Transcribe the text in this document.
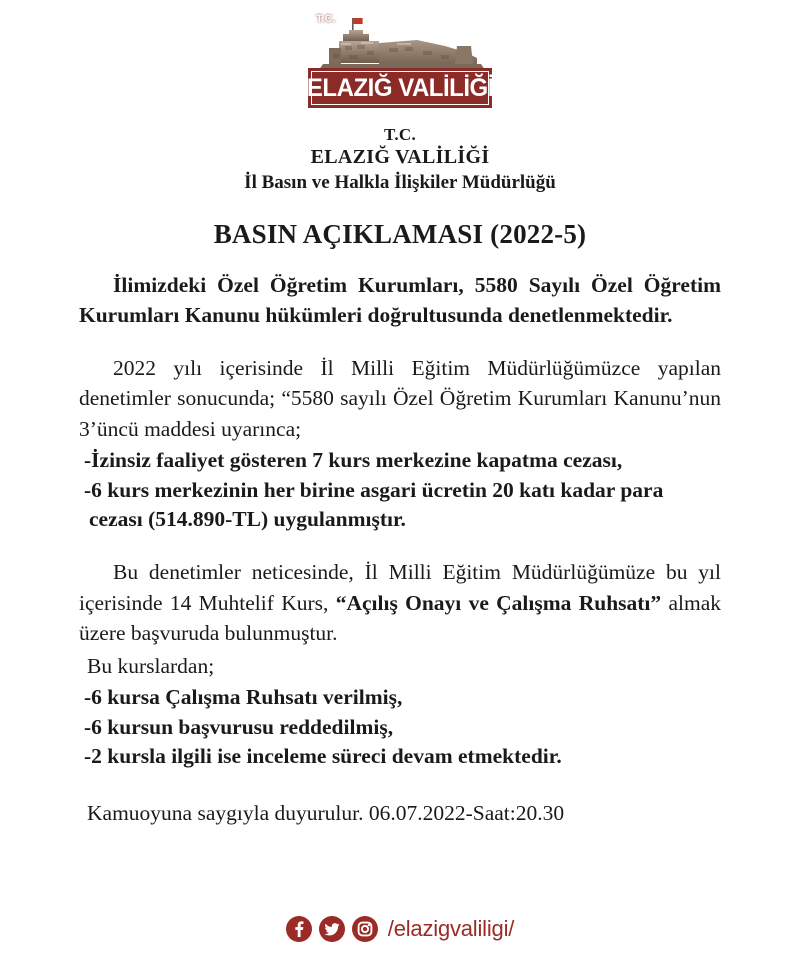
T.C.
ELAZIĞ VALİLİĞİ
T.C.
ELAZIĞ VALİLİĞİ
İl Basın ve Halkla İlişkiler Müdürlüğü
BASIN AÇIKLAMASI (2022-5)

İlimizdeki Özel Öğretim Kurumları, 5580 Sayılı Özel Öğretim Kurumları Kanunu hükümleri doğrultusunda denetlenmektedir.

2022 yılı içerisinde İl Milli Eğitim Müdürlüğümüzce yapılan denetimler sonucunda; “5580 sayılı Özel Öğretim Kurumları Kanunu’nun 3’üncü maddesi uyarınca;

-İzinsiz faaliyet gösteren 7 kurs merkezine kapatma cezası,

-6 kurs merkezinin her birine asgari ücretin 20 katı kadar para cezası (514.890-TL) uygulanmıştır.

Bu denetimler neticesinde, İl Milli Eğitim Müdürlüğümüze bu yıl içerisinde 14 Muhtelif Kurs, “Açılış Onayı ve Çalışma Ruhsatı” almak üzere başvuruda bulunmuştur.

Bu kurslardan;

-6 kursa Çalışma Ruhsatı verilmiş,

-6 kursun başvurusu reddedilmiş,

-2 kursla ilgili ise inceleme süreci devam etmektedir.

Kamuoyuna saygıyla duyurulur. 06.07.2022-Saat:20.30

/elazigvaliligi/
